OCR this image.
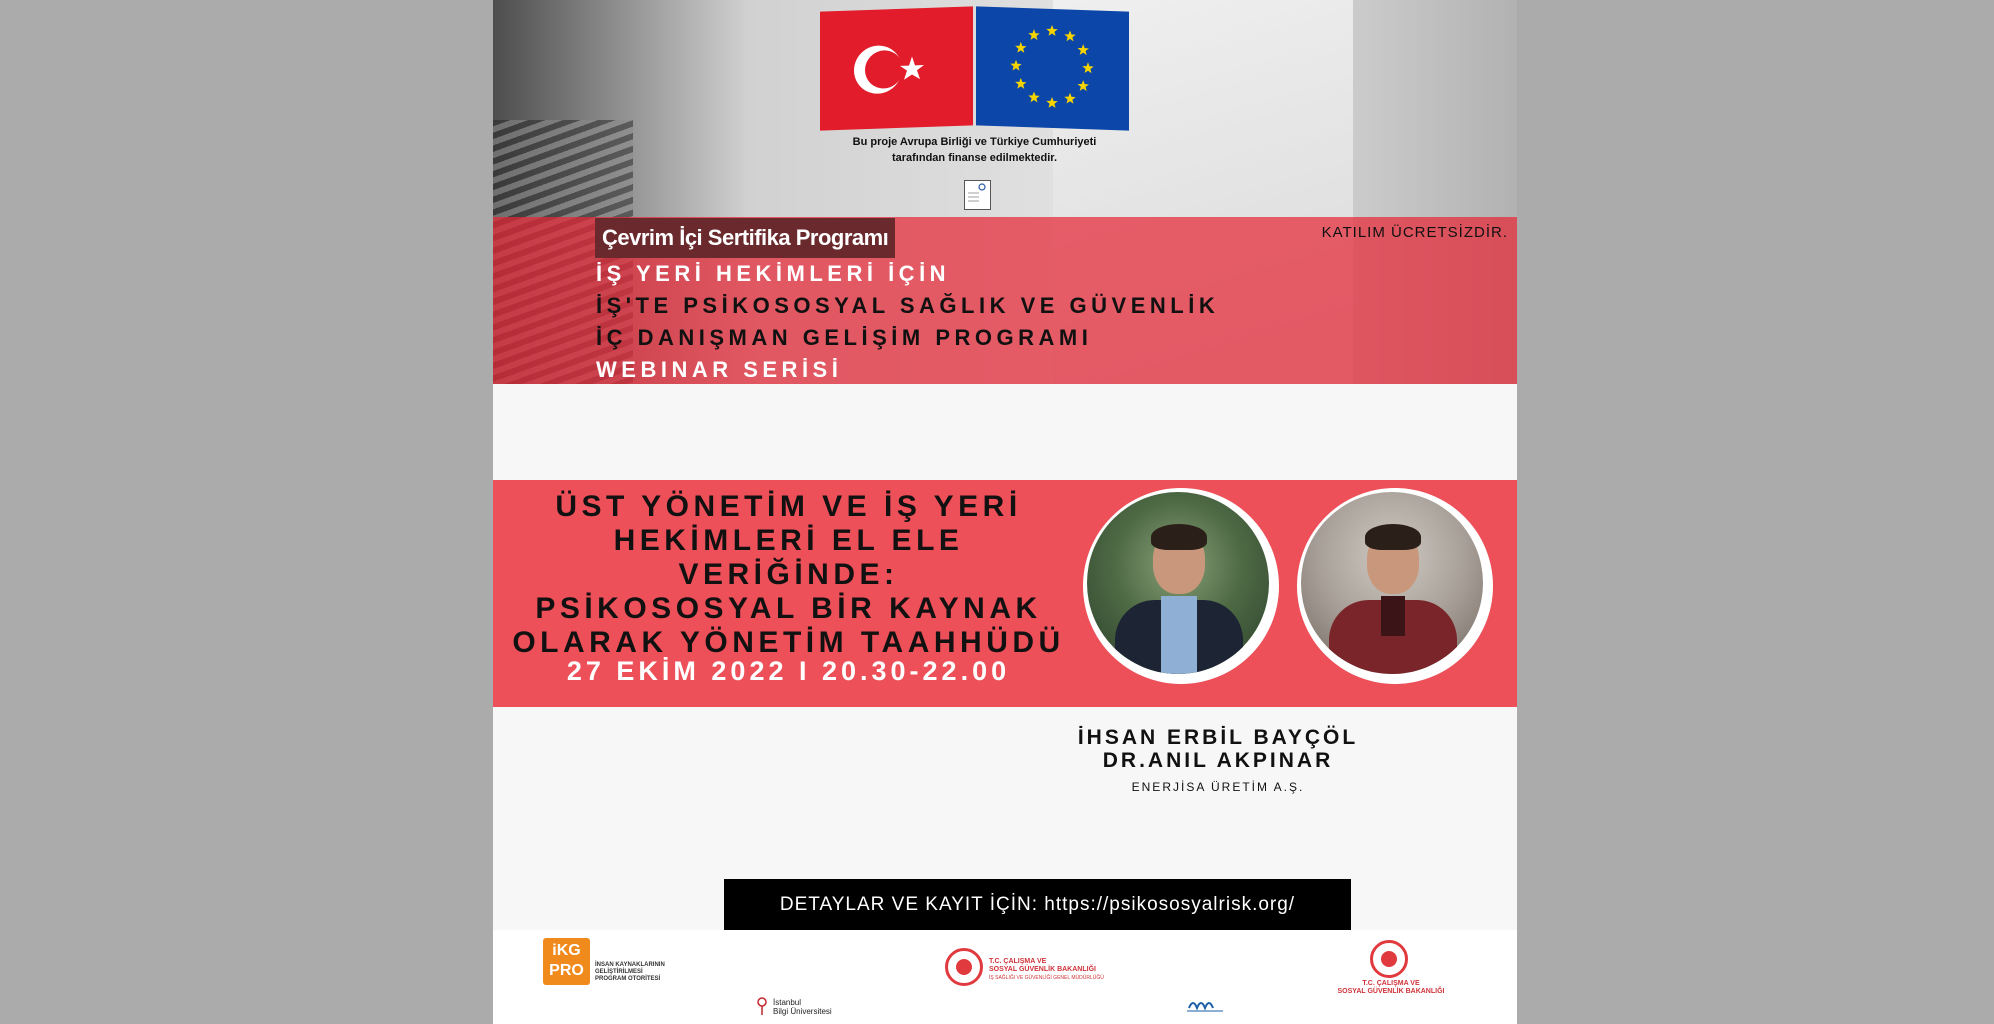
Bu proje Avrupa Birliği ve Türkiye Cumhuriyeti
tarafından finanse edilmektedir.
KATILIM ÜCRETSİZDİR.
Çevrim İçi Sertifika Programı
İŞ YERİ HEKİMLERİ İÇİN
İŞ'TE PSİKOSOSYAL SAĞLIK VE GÜVENLİK
İÇ DANIŞMAN GELİŞİM PROGRAMI
WEBINAR SERİSİ
ÜST YÖNETİM VE İŞ YERİ
HEKİMLERİ EL ELE VERİĞİNDE:
PSİKOSOSYAL BİR KAYNAK
OLARAK YÖNETİM TAAHHÜDÜ
27 EKİM 2022 I 20.30-22.00
İHSAN ERBİL BAYÇÖL
DR.ANIL AKPINAR
ENERJİSA ÜRETİM A.Ş.
DETAYLAR VE KAYIT İÇİN: https://psikososyalrisk.org/
iKG PRO	İNSAN KAYNAKLARININ
GELİŞTİRİLMESİ
PROGRAM OTORİTESİ
İstanbul
Bilgi Üniversitesi
T.C. ÇALIŞMA VE
SOSYAL GÜVENLİK BAKANLIĞI
İŞ SAĞLIĞI VE GÜVENLİĞİ GENEL MÜDÜRLÜĞÜ
T.C. ÇALIŞMA VE
SOSYAL GÜVENLİK BAKANLIĞI
